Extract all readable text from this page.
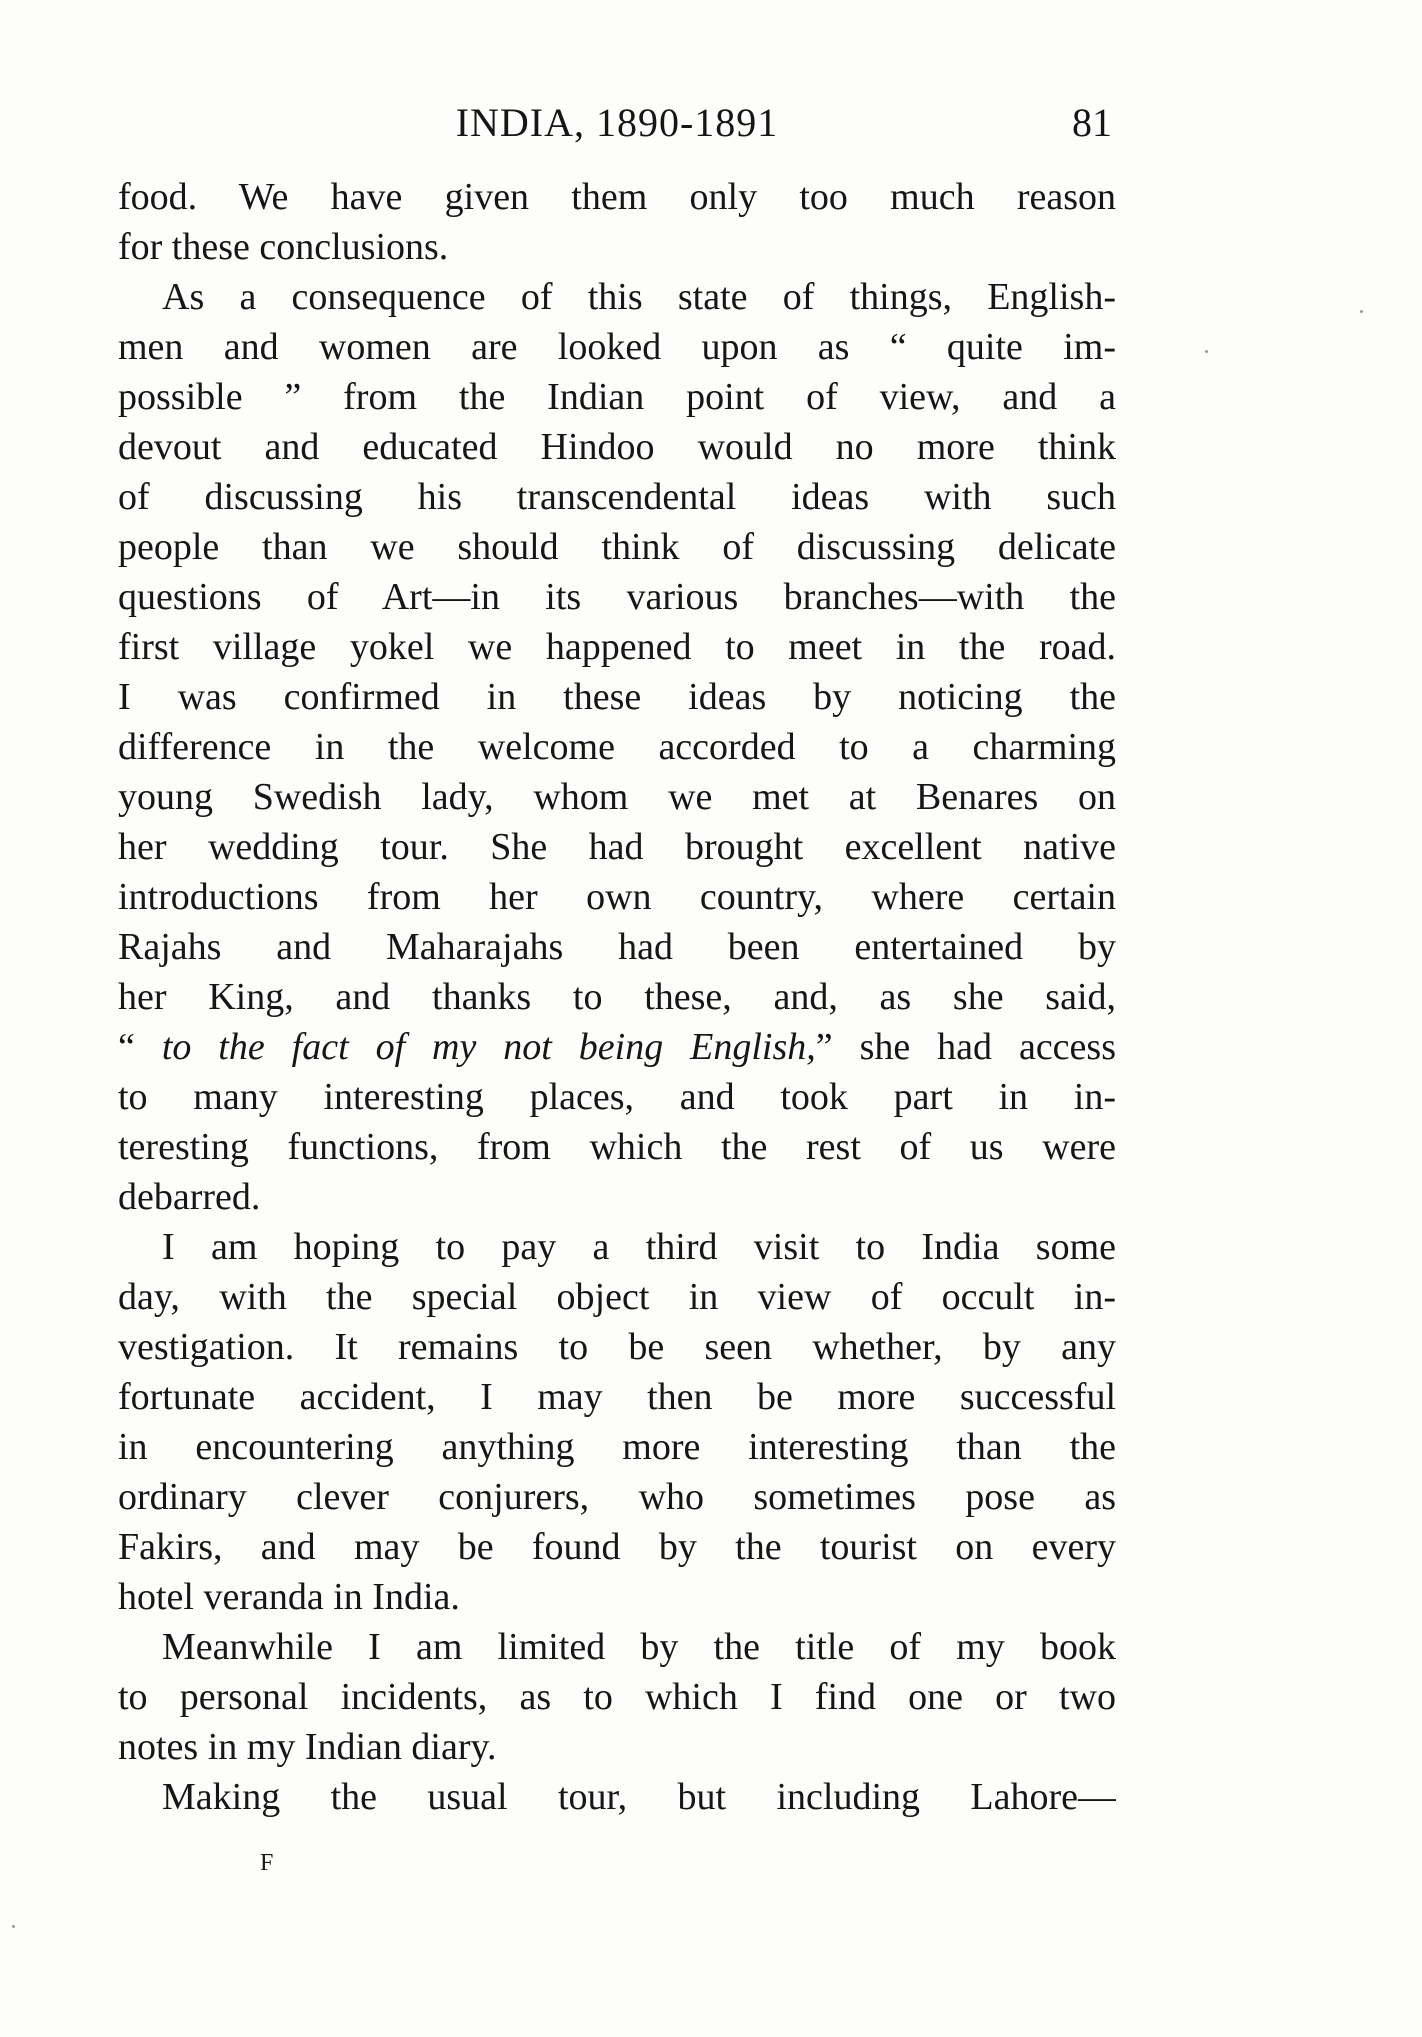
INDIA, 1890-1891	81
food. We have given them only too much reason
for these conclusions.
As a consequence of this state of things, English-
men and women are looked upon as “ quite im-
possible ” from the Indian point of view, and a
devout and educated Hindoo would no more think
of discussing his transcendental ideas with such
people than we should think of discussing delicate
questions of Art—in its various branches—with the
first village yokel we happened to meet in the road.
I was confirmed in these ideas by noticing the
difference in the welcome accorded to a charming
young Swedish lady, whom we met at Benares on
her wedding tour. She had brought excellent native
introductions from her own country, where certain
Rajahs and Maharajahs had been entertained by
her King, and thanks to these, and, as she said,
“ to the fact of my not being English,” she had access
to many interesting places, and took part in in-
teresting functions, from which the rest of us were
debarred.
I am hoping to pay a third visit to India some
day, with the special object in view of occult in-
vestigation. It remains to be seen whether, by any
fortunate accident, I may then be more successful
in encountering anything more interesting than the
ordinary clever conjurers, who sometimes pose as
Fakirs, and may be found by the tourist on every
hotel veranda in India.
Meanwhile I am limited by the title of my book
to personal incidents, as to which I find one or two
notes in my Indian diary.
Making the usual tour, but including Lahore—
F
